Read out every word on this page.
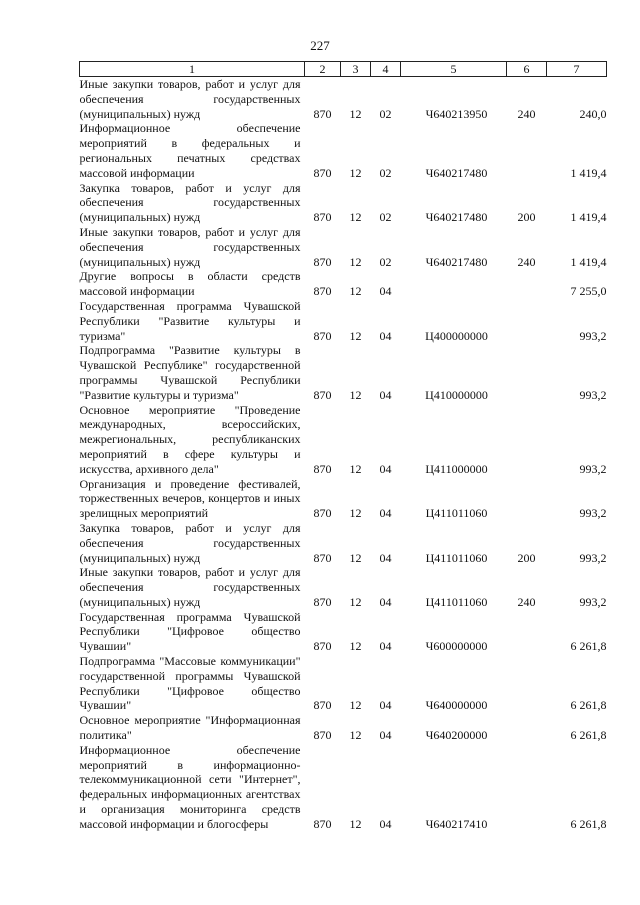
227
1	2	3	4	5	6	7
Иные закупки товаров, работ и услуг для обеспечения государственных (муниципальных) нужд	870	12	02	Ч640213950	240	240,0
Информационное обеспечение мероприятий в федеральных и региональных печатных средствах массовой информации	870	12	02	Ч640217480		1 419,4
Закупка товаров, работ и услуг для обеспечения государственных (муниципальных) нужд	870	12	02	Ч640217480	200	1 419,4
Иные закупки товаров, работ и услуг для обеспечения государственных (муниципальных) нужд	870	12	02	Ч640217480	240	1 419,4
Другие вопросы в области средств массовой информации	870	12	04			7 255,0
Государственная программа Чувашской Республики "Развитие культуры и туризма"	870	12	04	Ц400000000		993,2
Подпрограмма "Развитие культуры в Чувашской Республике" государственной программы Чувашской Республики "Развитие культуры и туризма"	870	12	04	Ц410000000		993,2
Основное мероприятие "Проведение международных, всероссийских, межрегиональных, республиканских мероприятий в сфере культуры и искусства, архивного дела"	870	12	04	Ц411000000		993,2
Организация и проведение фестивалей, торжественных вечеров, концертов и иных зрелищных мероприятий	870	12	04	Ц411011060		993,2
Закупка товаров, работ и услуг для обеспечения государственных (муниципальных) нужд	870	12	04	Ц411011060	200	993,2
Иные закупки товаров, работ и услуг для обеспечения государственных (муниципальных) нужд	870	12	04	Ц411011060	240	993,2
Государственная программа Чувашской Республики "Цифровое общество Чувашии"	870	12	04	Ч600000000		6 261,8
Подпрограмма "Массовые коммуникации" государственной программы Чувашской Республики "Цифровое общество Чувашии"	870	12	04	Ч640000000		6 261,8
Основное мероприятие "Информационная политика"	870	12	04	Ч640200000		6 261,8
Информационное обеспечение мероприятий в информационно-телекоммуникационной сети "Интернет", федеральных информационных агентствах и организация мониторинга средств массовой информации и блогосферы	870	12	04	Ч640217410		6 261,8
